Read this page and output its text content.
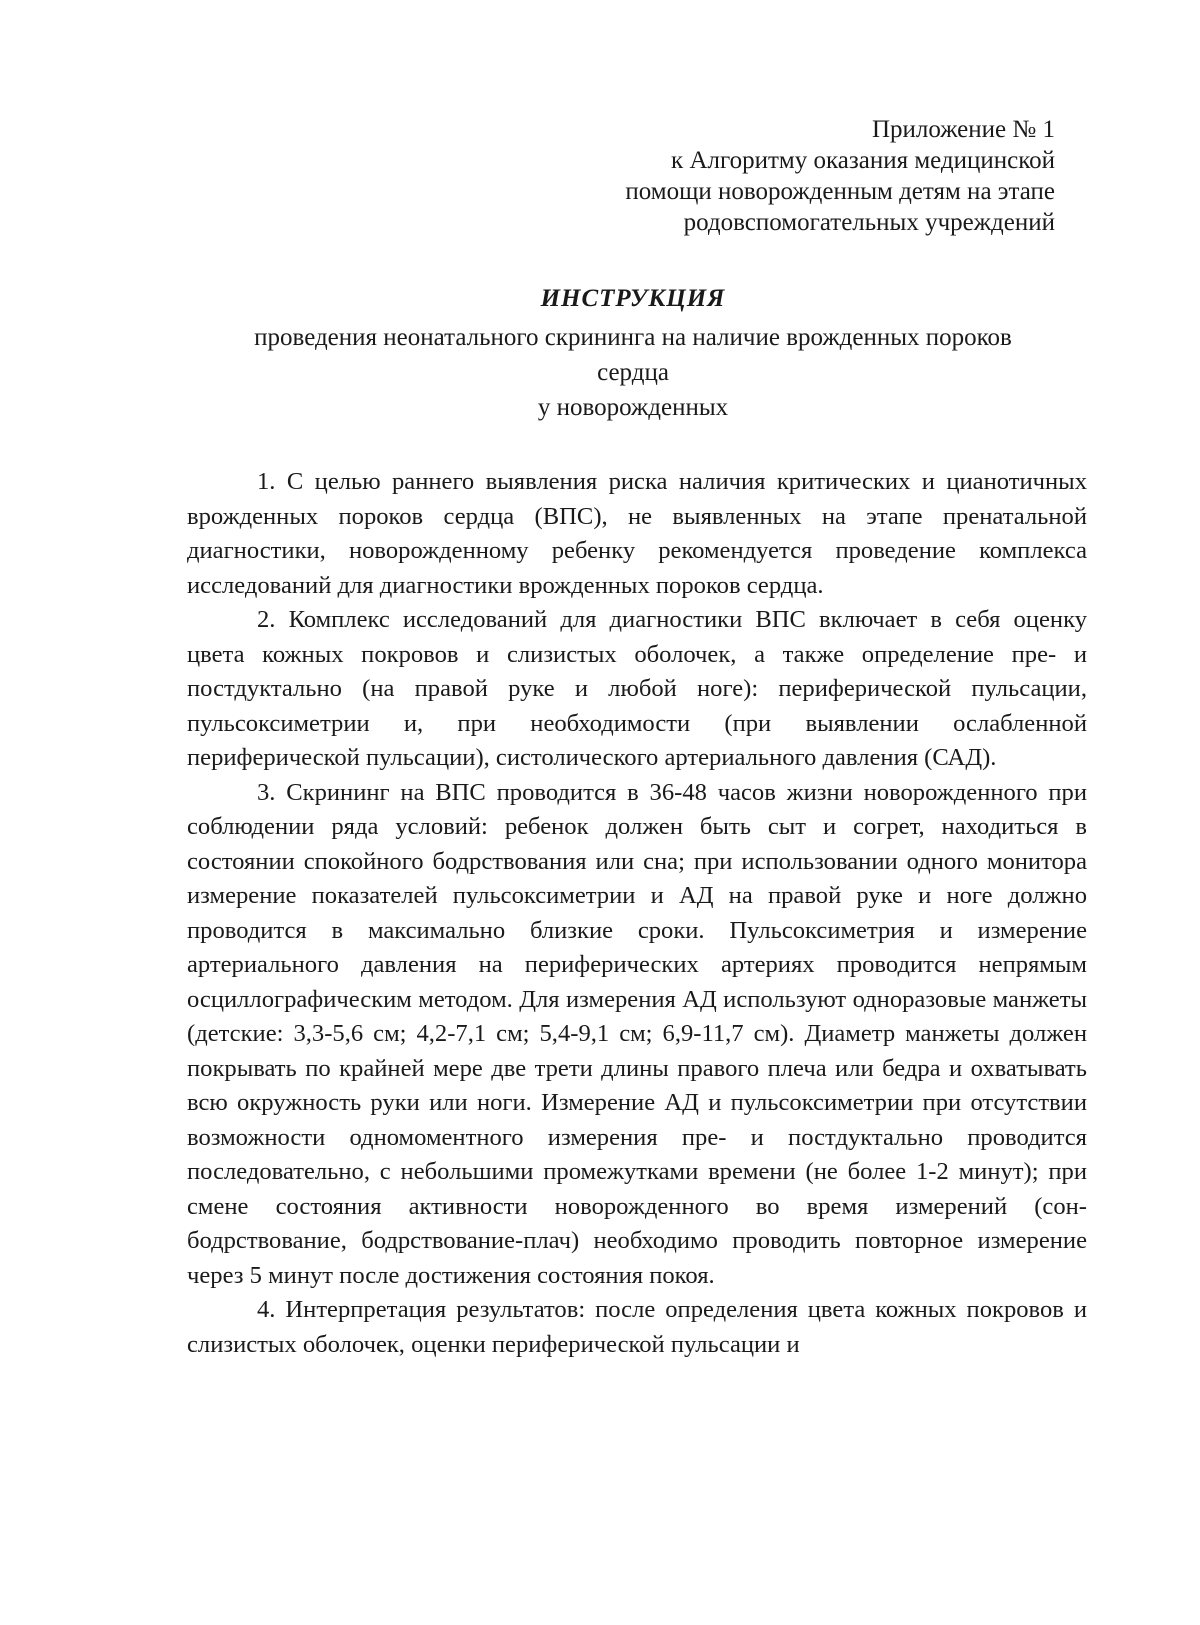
Приложение № 1
к Алгоритму оказания медицинской
помощи новорожденным детям на этапе
родовспомогательных учреждений
ИНСТРУКЦИЯ
проведения неонатального скрининга на наличие врожденных пороков
сердца
у новорожденных

1. С целью раннего выявления риска наличия критических и цианотичных врожденных пороков сердца (ВПС), не выявленных на этапе пренатальной диагностики, новорожденному ребенку рекомендуется проведение комплекса исследований для диагностики врожденных пороков сердца.

2. Комплекс исследований для диагностики ВПС включает в себя оценку цвета кожных покровов и слизистых оболочек, а также определение пре- и постдуктально (на правой руке и любой ноге): периферической пульсации, пульсоксиметрии и, при необходимости (при выявлении ослабленной периферической пульсации), систолического артериального давления (САД).

3. Скрининг на ВПС проводится в 36-48 часов жизни новорожденного при соблюдении ряда условий: ребенок должен быть сыт и согрет, находиться в состоянии спокойного бодрствования или сна; при использовании одного монитора измерение показателей пульсоксиметрии и АД на правой руке и ноге должно проводится в максимально близкие сроки. Пульсоксиметрия и измерение артериального давления на периферических артериях проводится непрямым осциллографическим методом. Для измерения АД используют одноразовые манжеты (детские: 3,3-5,6 см; 4,2-7,1 см; 5,4-9,1 см; 6,9-11,7 см). Диаметр манжеты должен покрывать по крайней мере две трети длины правого плеча или бедра и охватывать всю окружность руки или ноги. Измерение АД и пульсоксиметрии при отсутствии возможности одномоментного измерения пре- и постдуктально проводится последовательно, с небольшими промежутками времени (не более 1-2 минут); при смене состояния активности новорожденного во время измерений (сон-бодрствование, бодрствование-плач) необходимо проводить повторное измерение через 5 минут после достижения состояния покоя.

4. Интерпретация результатов: после определения цвета кожных покровов и слизистых оболочек, оценки периферической пульсации и
